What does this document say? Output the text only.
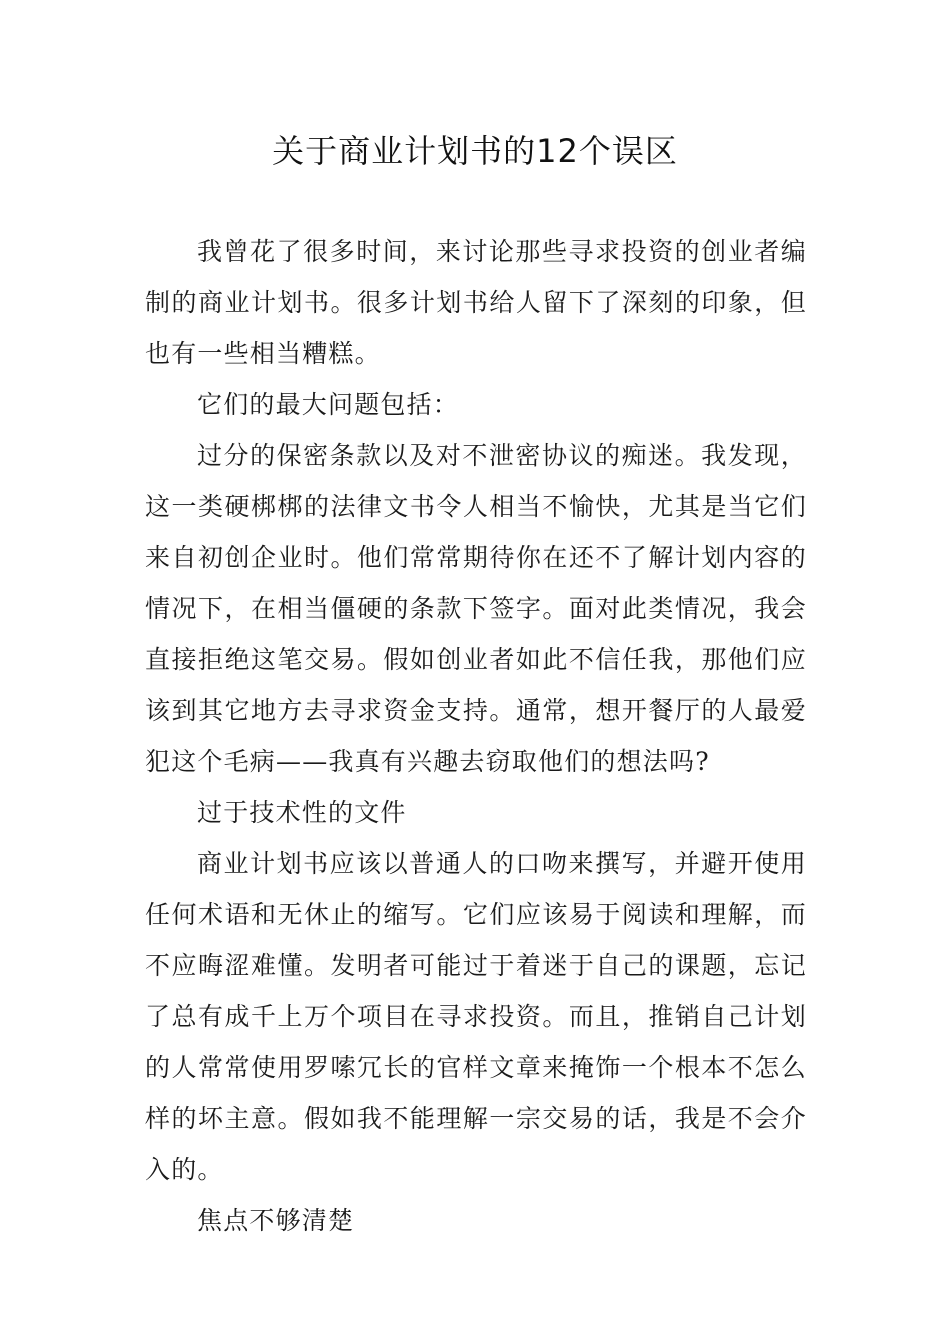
关于商业计划书的12个误区

我曾花了很多时间，来讨论那些寻求投资的创业者编制的商业计划书。很多计划书给人留下了深刻的印象，但也有一些相当糟糕。

它们的最大问题包括：

过分的保密条款以及对不泄密协议的痴迷。我发现，这一类硬梆梆的法律文书令人相当不愉快，尤其是当它们来自初创企业时。他们常常期待你在还不了解计划内容的情况下，在相当僵硬的条款下签字。面对此类情况，我会直接拒绝这笔交易。假如创业者如此不信任我，那他们应该到其它地方去寻求资金支持。通常，想开餐厅的人最爱犯这个毛病——我真有兴趣去窃取他们的想法吗?

过于技术性的文件

商业计划书应该以普通人的口吻来撰写，并避开使用任何术语和无休止的缩写。它们应该易于阅读和理解，而不应晦涩难懂。发明者可能过于着迷于自己的课题，忘记了总有成千上万个项目在寻求投资。而且，推销自己计划的人常常使用罗嗦冗长的官样文章来掩饰一个根本不怎么样的坏主意。假如我不能理解一宗交易的话，我是不会介入的。

焦点不够清楚
